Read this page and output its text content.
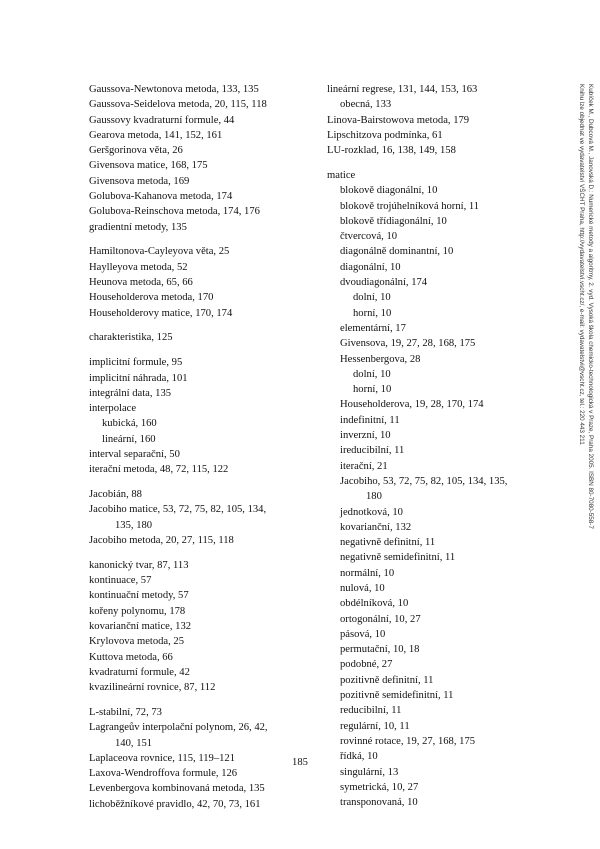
Gaussova-Newtonova metoda, 133, 135
Gaussova-Seidelova metoda, 20, 115, 118
Gaussovy kvadraturní formule, 44
Gearova metoda, 141, 152, 161
Geršgorinova věta, 26
Givensova matice, 168, 175
Givensova metoda, 169
Golubova-Kahanova metoda, 174
Golubova-Reinschova metoda, 174, 176
gradientní metody, 135
Hamiltonova-Cayleyova věta, 25
Haylleyova metoda, 52
Heunova metoda, 65, 66
Householderova metoda, 170
Householderovy matice, 170, 174
charakteristika, 125
implicitní formule, 95
implicitní náhrada, 101
integrální data, 135
interpolace
kubická, 160
lineární, 160
interval separační, 50
iterační metoda, 48, 72, 115, 122
Jacobián, 88
Jacobiho matice, 53, 72, 75, 82, 105, 134,
135, 180
Jacobiho metoda, 20, 27, 115, 118
kanonický tvar, 87, 113
kontinuace, 57
kontinuační metody, 57
kořeny polynomu, 178
kovarianční matice, 132
Krylovova metoda, 25
Kuttova metoda, 66
kvadraturní formule, 42
kvazilineární rovnice, 87, 112
L-stabilní, 72, 73
Lagrangeův interpolační polynom, 26, 42,
140, 151
Laplaceova rovnice, 115, 119–121
Laxova-Wendroffova formule, 126
Levenbergova kombinovaná metoda, 135
lichoběžníkové pravidlo, 42, 70, 73, 161
lineární regrese, 131, 144, 153, 163
obecná, 133
Linova-Bairstowova metoda, 179
Lipschitzova podmínka, 61
LU-rozklad, 16, 138, 149, 158
matice
blokově diagonální, 10
blokově trojúhelníková horní, 11
blokově třídiagonální, 10
čtvercová, 10
diagonálně dominantní, 10
diagonální, 10
dvoudiagonální, 174
dolní, 10
horní, 10
elementární, 17
Givensova, 19, 27, 28, 168, 175
Hessenbergova, 28
dolní, 10
horní, 10
Householderova, 19, 28, 170, 174
indefinitní, 11
inverzní, 10
ireducibilní, 11
iterační, 21
Jacobiho, 53, 72, 75, 82, 105, 134, 135,
180
jednotková, 10
kovarianční, 132
negativně definitní, 11
negativně semidefinitní, 11
normální, 10
nulová, 10
obdélníková, 10
ortogonální, 10, 27
pásová, 10
permutační, 10, 18
podobné, 27
pozitivně definitní, 11
pozitivně semidefinitní, 11
reducibilní, 11
regulární, 10, 11
rovinné rotace, 19, 27, 168, 175
řídká, 10
singulární, 13
symetrická, 10, 27
transponovaná, 10
185
Kubíček M., Dubcová M., Janovská D.: Numerické metody a algoritmy, 2. vyd. Vysoká škola chemicko-technologická v Praze, Praha 2005. ISBN 80-7080-558-7
Knihu lze objednat ve vydavatelství VŠCHT Praha, http://vydavatelstvi.vscht.cz/, e-mail: vydavatelstvi@vscht.cz, tel.: 220 443 211
